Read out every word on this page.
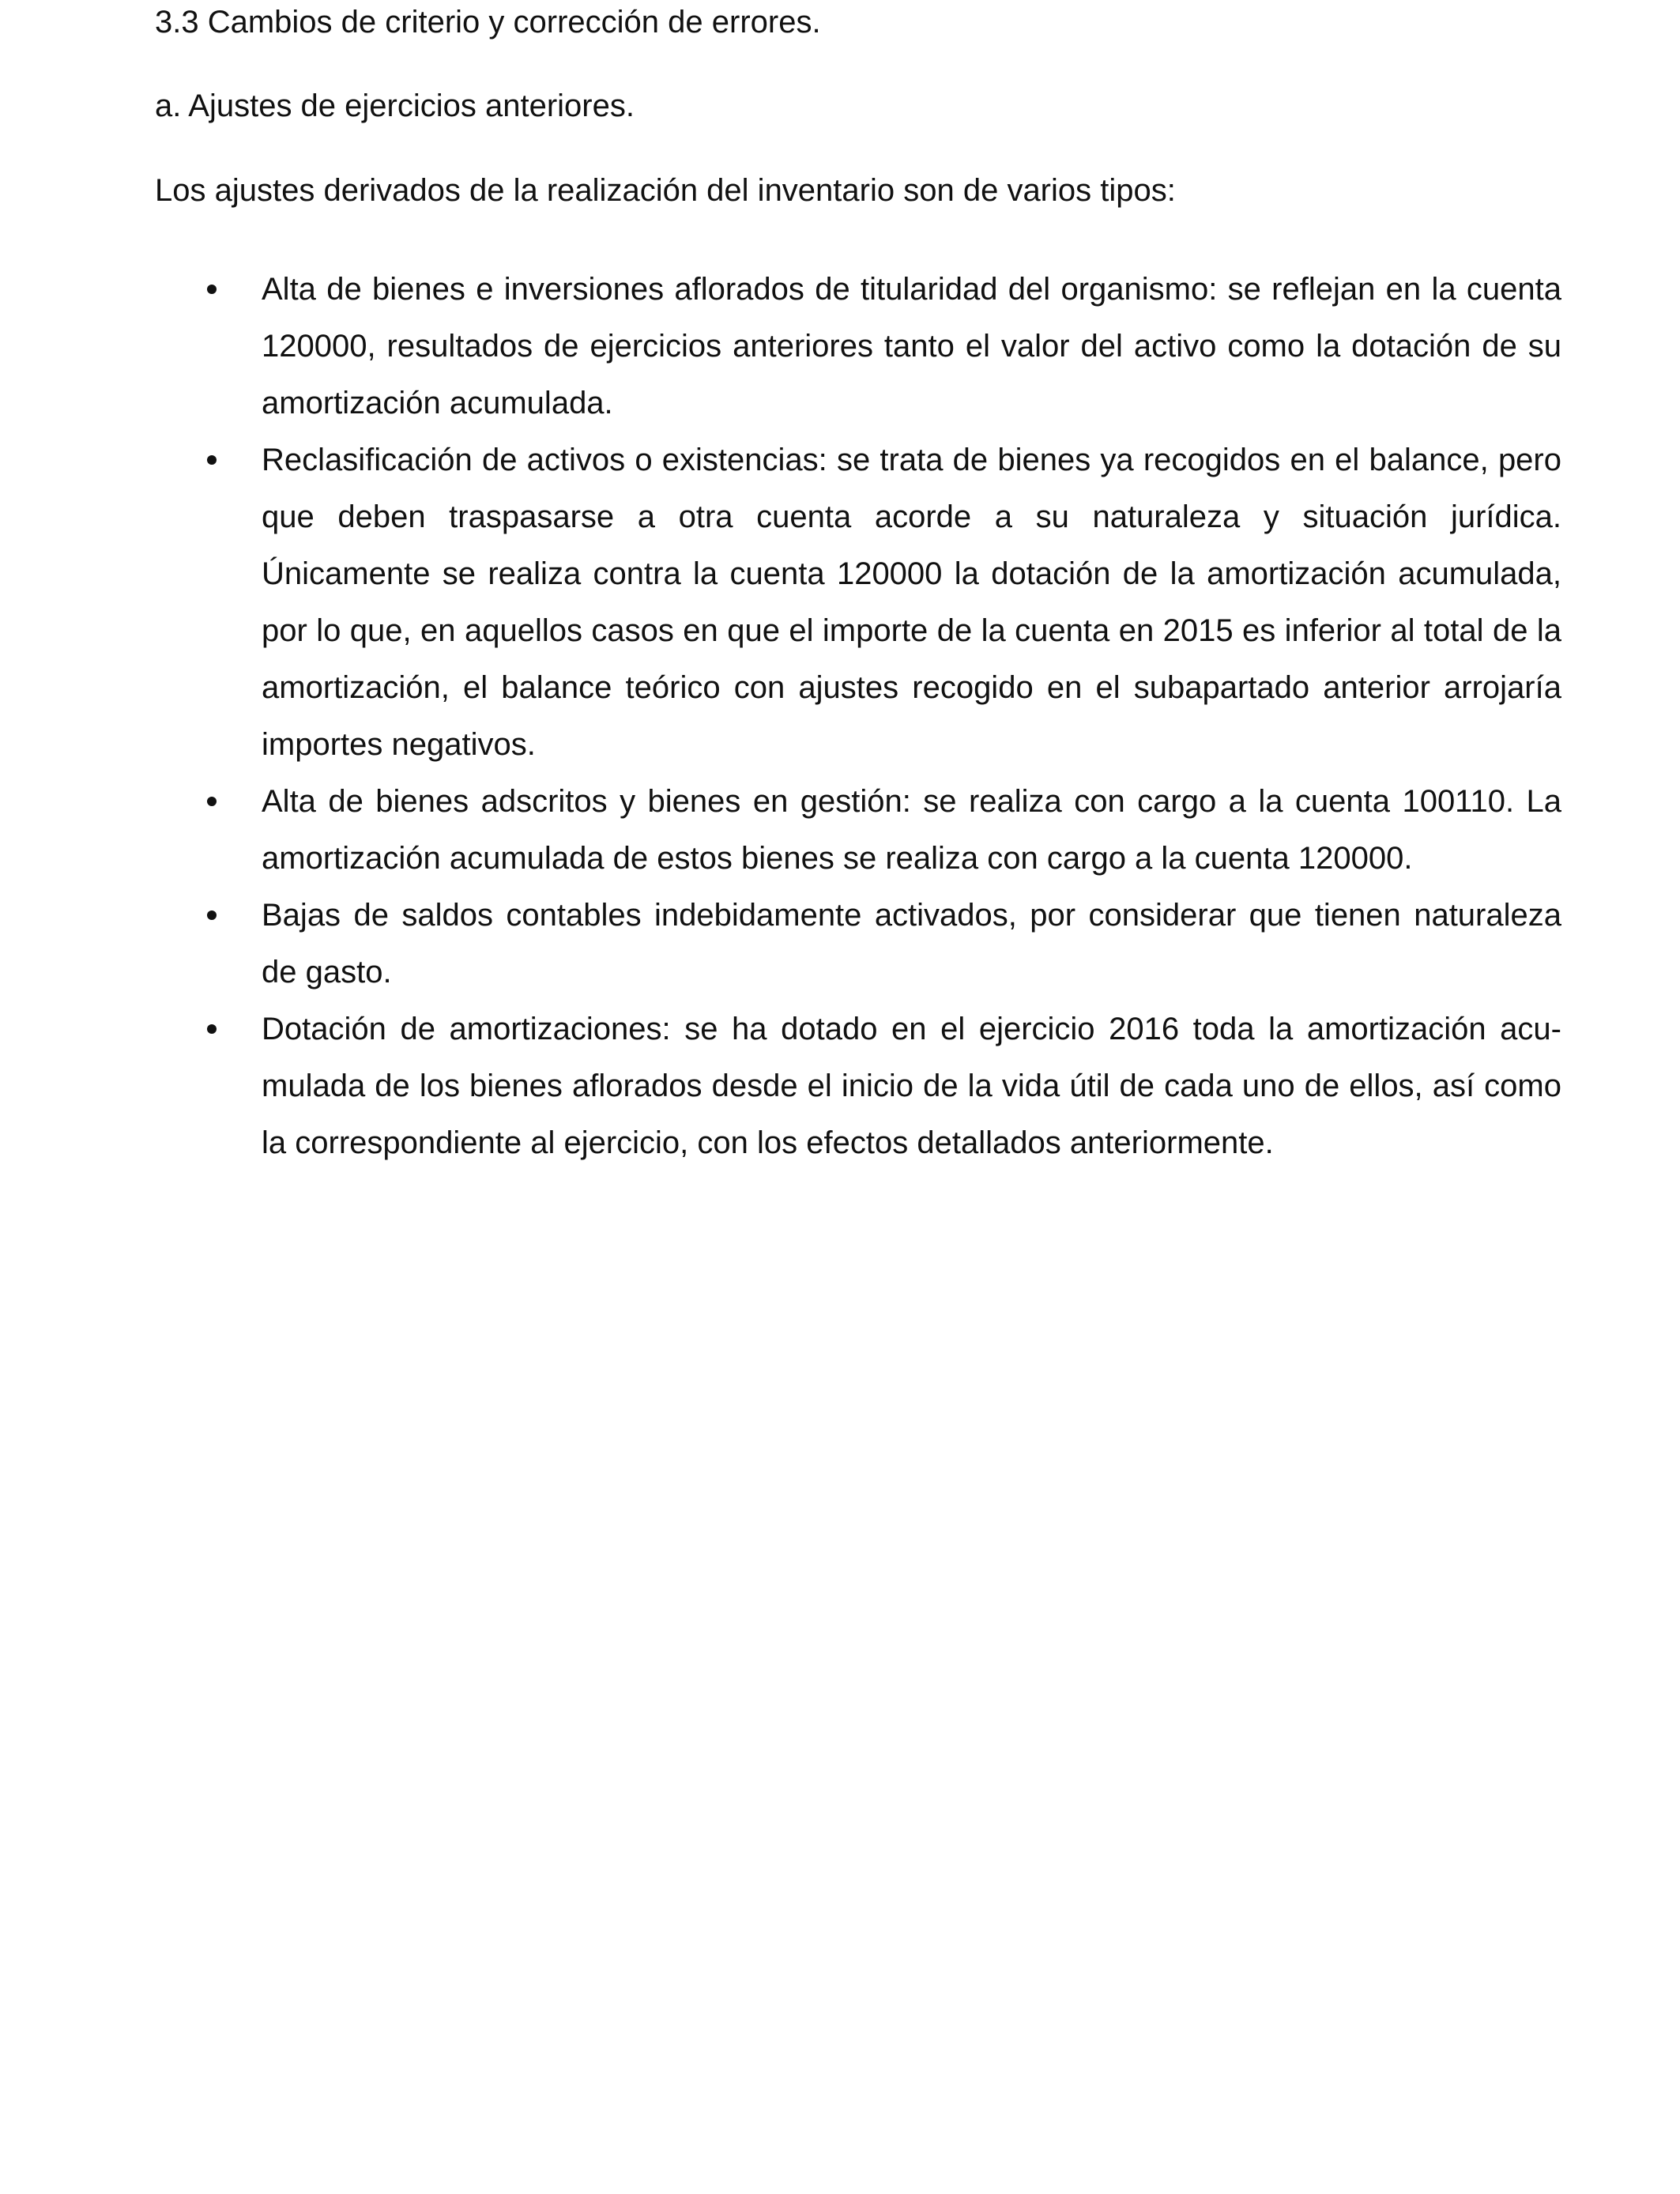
3.3 Cambios de criterio y corrección de errores.
a. Ajustes de ejercicios anteriores.
Los ajustes derivados de la realización del inventario son de varios tipos:
Alta de bienes e inversiones aflorados de titularidad del organismo: se reflejan en la cuenta 120000, resultados de ejercicios anteriores tanto el valor del activo como la dotación de su amortización acumulada.
Reclasificación de activos o existencias: se trata de bienes ya recogidos en el balance, pero que deben traspasarse a otra cuenta acorde a su naturaleza y situación jurídica. Únicamente se realiza contra la cuenta 120000 la dotación de la amortización acumulada, por lo que, en aquellos casos en que el importe de la cuenta en 2015 es inferior al total de la amortización, el balance teórico con ajustes recogido en el subapartado anterior arrojaría importes negativos.
Alta de bienes adscritos y bienes en gestión: se realiza con cargo a la cuenta 100110. La amortización acumulada de estos bienes se realiza con cargo a la cuenta 120000.
Bajas de saldos contables indebidamente activados, por considerar que tienen naturaleza de gasto.
Dotación de amortizaciones: se ha dotado en el ejercicio 2016 toda la amortización acumulada de los bienes aflorados desde el inicio de la vida útil de cada uno de ellos, así como la correspondiente al ejercicio, con los efectos detallados anteriormente.
